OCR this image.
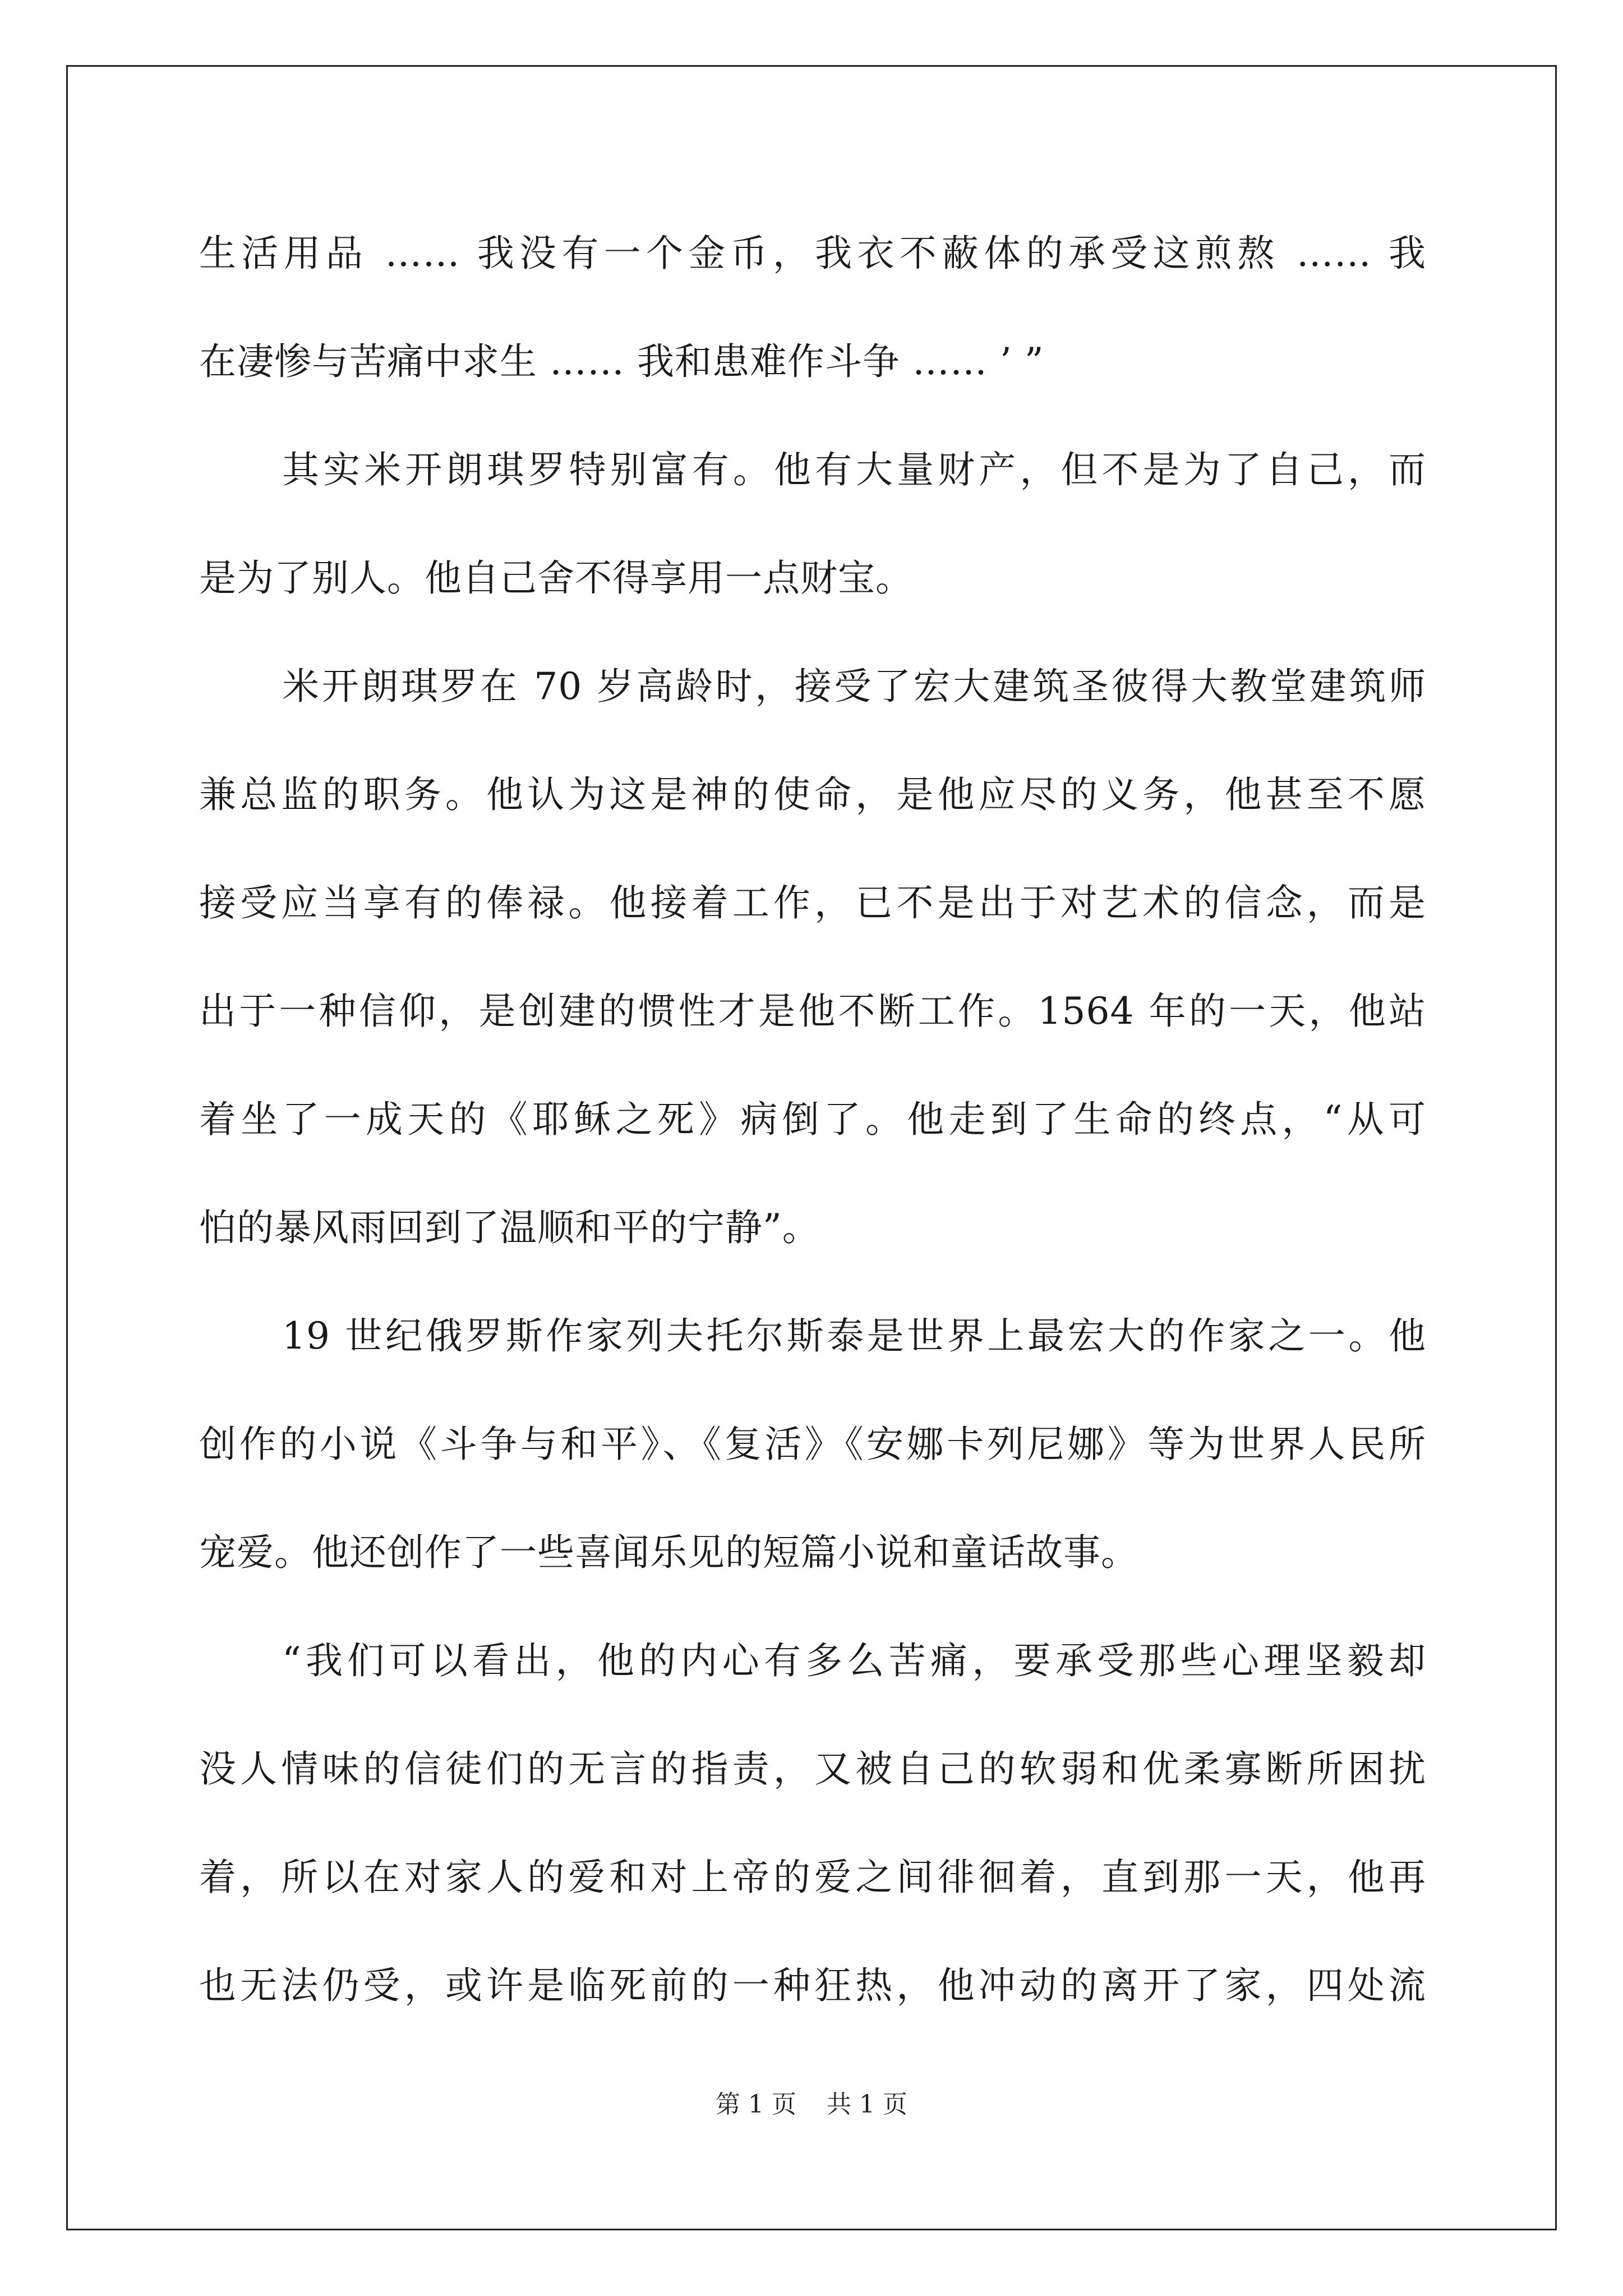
生活用品 …… 我没有一个金币，我衣不蔽体的承受这煎熬 …… 我
在凄惨与苦痛中求生 …… 我和患难作斗争 …… ’ ”

其实米开朗琪罗特别富有。他有大量财产，但不是为了自己，而
是为了别人。他自己舍不得享用一点财宝。

米开朗琪罗在 70 岁高龄时，接受了宏大建筑圣彼得大教堂建筑师
兼总监的职务。他认为这是神的使命，是他应尽的义务，他甚至不愿
接受应当享有的俸禄。他接着工作，已不是出于对艺术的信念，而是
出于一种信仰，是创建的惯性才是他不断工作。1564 年的一天，他站
着坐了一成天的《耶稣之死》病倒了。他走到了生命的终点，“从可
怕的暴风雨回到了温顺和平的宁静”。

19 世纪俄罗斯作家列夫托尔斯泰是世界上最宏大的作家之一。他
创作的小说《斗争与和平》、《复活》《安娜卡列尼娜》等为世界人民所
宠爱。他还创作了一些喜闻乐见的短篇小说和童话故事。

“我们可以看出，他的内心有多么苦痛，要承受那些心理坚毅却
没人情味的信徒们的无言的指责，又被自己的软弱和优柔寡断所困扰
着，所以在对家人的爱和对上帝的爱之间徘徊着，直到那一天，他再
也无法仍受，或许是临死前的一种狂热，他冲动的离开了家，四处流

第 1 页 共 1 页
